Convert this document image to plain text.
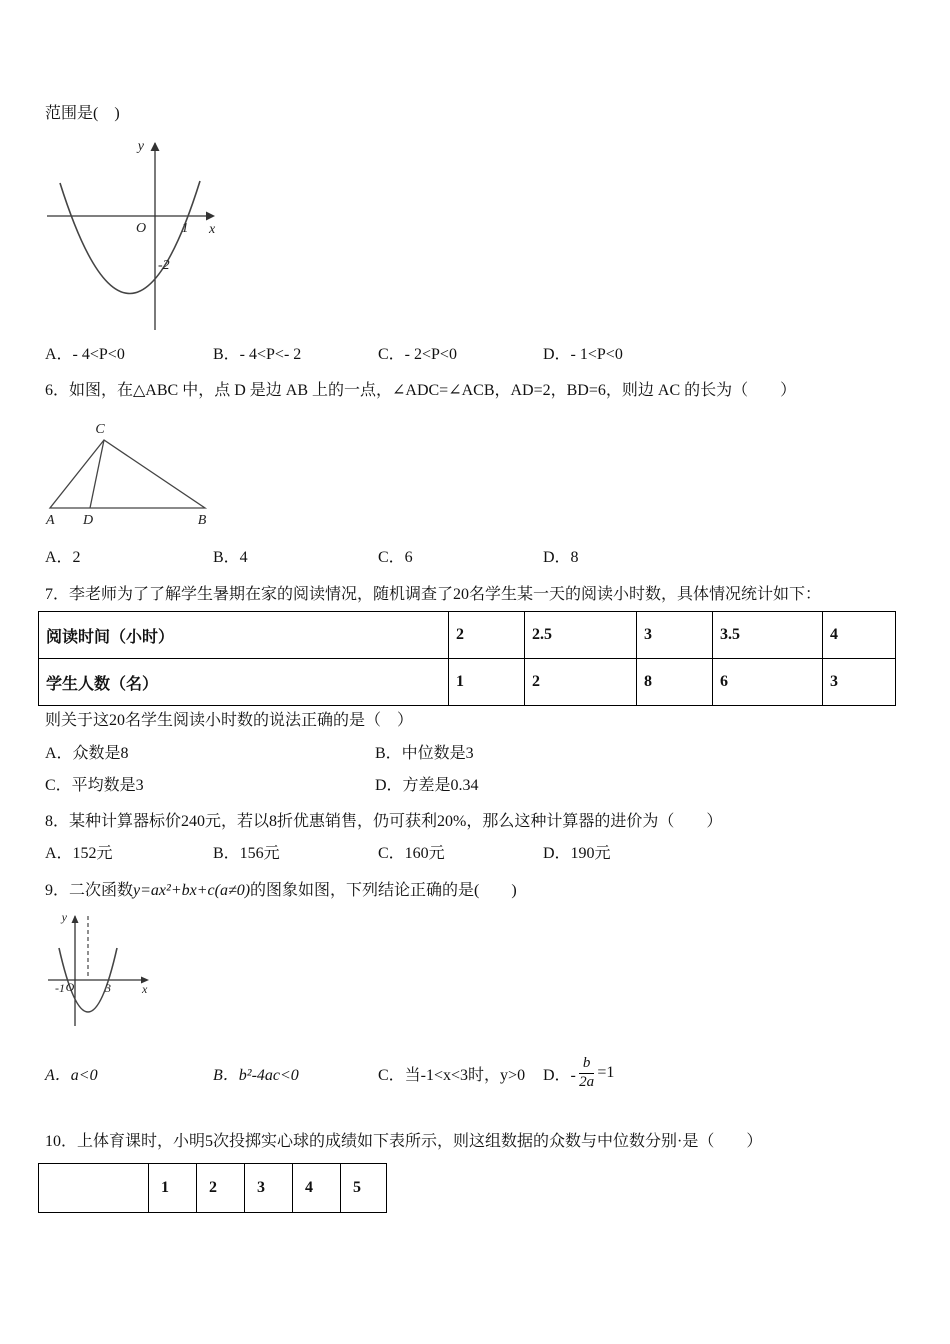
范围是(　)
y
O	1 x
-2
A．- 4<P<0	B．- 4<P<- 2	C．- 2<P<0	D．- 1<P<0
6．如图，在△ABC 中，点 D 是边 AB 上的一点，∠ADC=∠ACB，AD=2，BD=6，则边 AC 的长为（　　）
A D	B
C
A．2	B．4	C．6	D．8
7．李老师为了了解学生暑期在家的阅读情况，随机调查了20名学生某一天的阅读小时数，具体情况统计如下：
阅读时间（小时）	2	2.5	3	3.5	4
学生人数（名）	1	2	8	6	3
则关于这20名学生阅读小时数的说法正确的是（　）
A．众数是8	B．中位数是3
C．平均数是3	D．方差是0.34
8．某种计算器标价240元，若以8折优惠销售，仍可获利20%，那么这种计算器的进价为（　　）
A．152元	B．156元	C．160元	D．190元
9．二次函数y=ax²+bx+c(a≠0)的图象如图，下列结论正确的是(　　)
y
-1 O	3	x
A．a<0	B．b²-4ac<0	C．当-1<x<3时，y>0	D．- $\frac{b}{2a} =1$
10．上体育课时，小明5次投掷实心球的成绩如下表所示，则这组数据的众数与中位数分别·是（　　）
	1	2	3	4	5
